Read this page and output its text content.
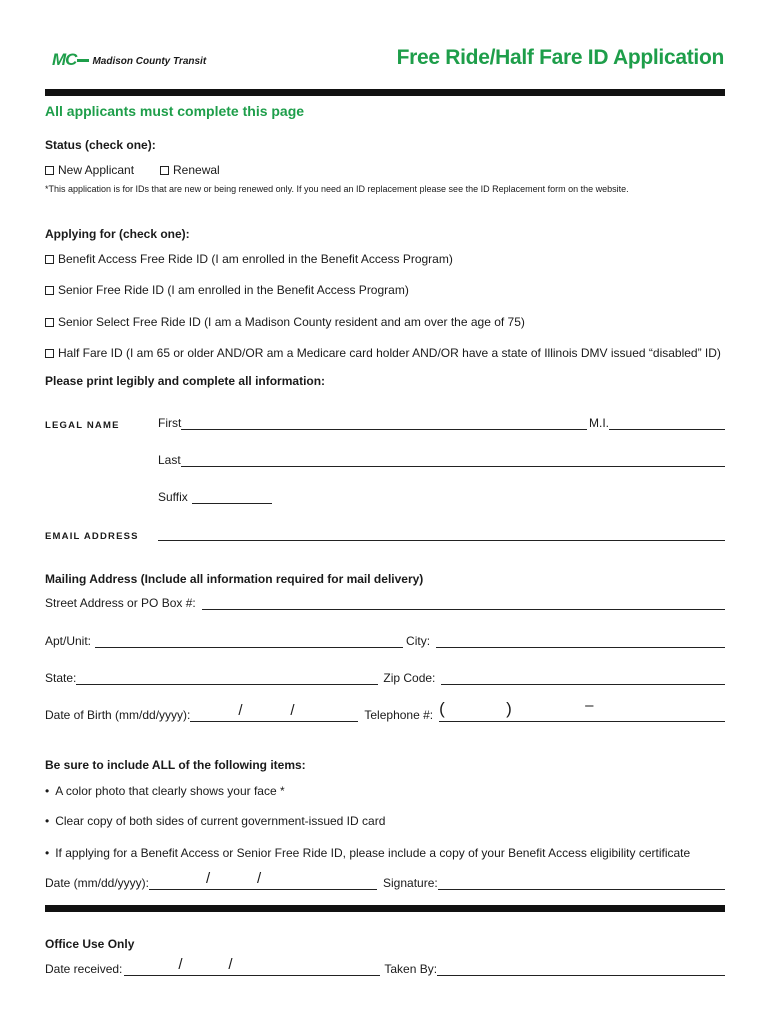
MC Madison County Transit	Free Ride/Half Fare ID Application
All applicants must complete this page
Status (check one):
New Applicant	Renewal
*This application is for IDs that are new or being renewed only. If you need an ID replacement please see the ID Replacement form on the website.
Applying for (check one):
Benefit Access Free Ride ID (I am enrolled in the Benefit Access Program)
Senior Free Ride ID (I am enrolled in the Benefit Access Program)
Senior Select Free Ride ID (I am a Madison County resident and am over the age of 75)
Half Fare ID (I am 65 or older AND/OR am a Medicare card holder AND/OR have a state of Illinois DMV issued “disabled” ID)
Please print legibly and complete all information:
LEGAL NAME	First	M.I.
Last
Suffix
EMAIL ADDRESS
Mailing Address (Include all information required for mail delivery)
Street Address or PO Box #:
Apt/Unit:	City:
State:	Zip Code:
Date of Birth (mm/dd/yyyy):	/	/	Telephone #: (	)	–
Be sure to include ALL of the following items:
• A color photo that clearly shows your face *
• Clear copy of both sides of current government-issued ID card
• If applying for a Benefit Access or Senior Free Ride ID, please include a copy of your Benefit Access eligibility certificate
Date (mm/dd/yyyy):	/	/	Signature:
Office Use Only
Date received:	/	/	Taken By:
